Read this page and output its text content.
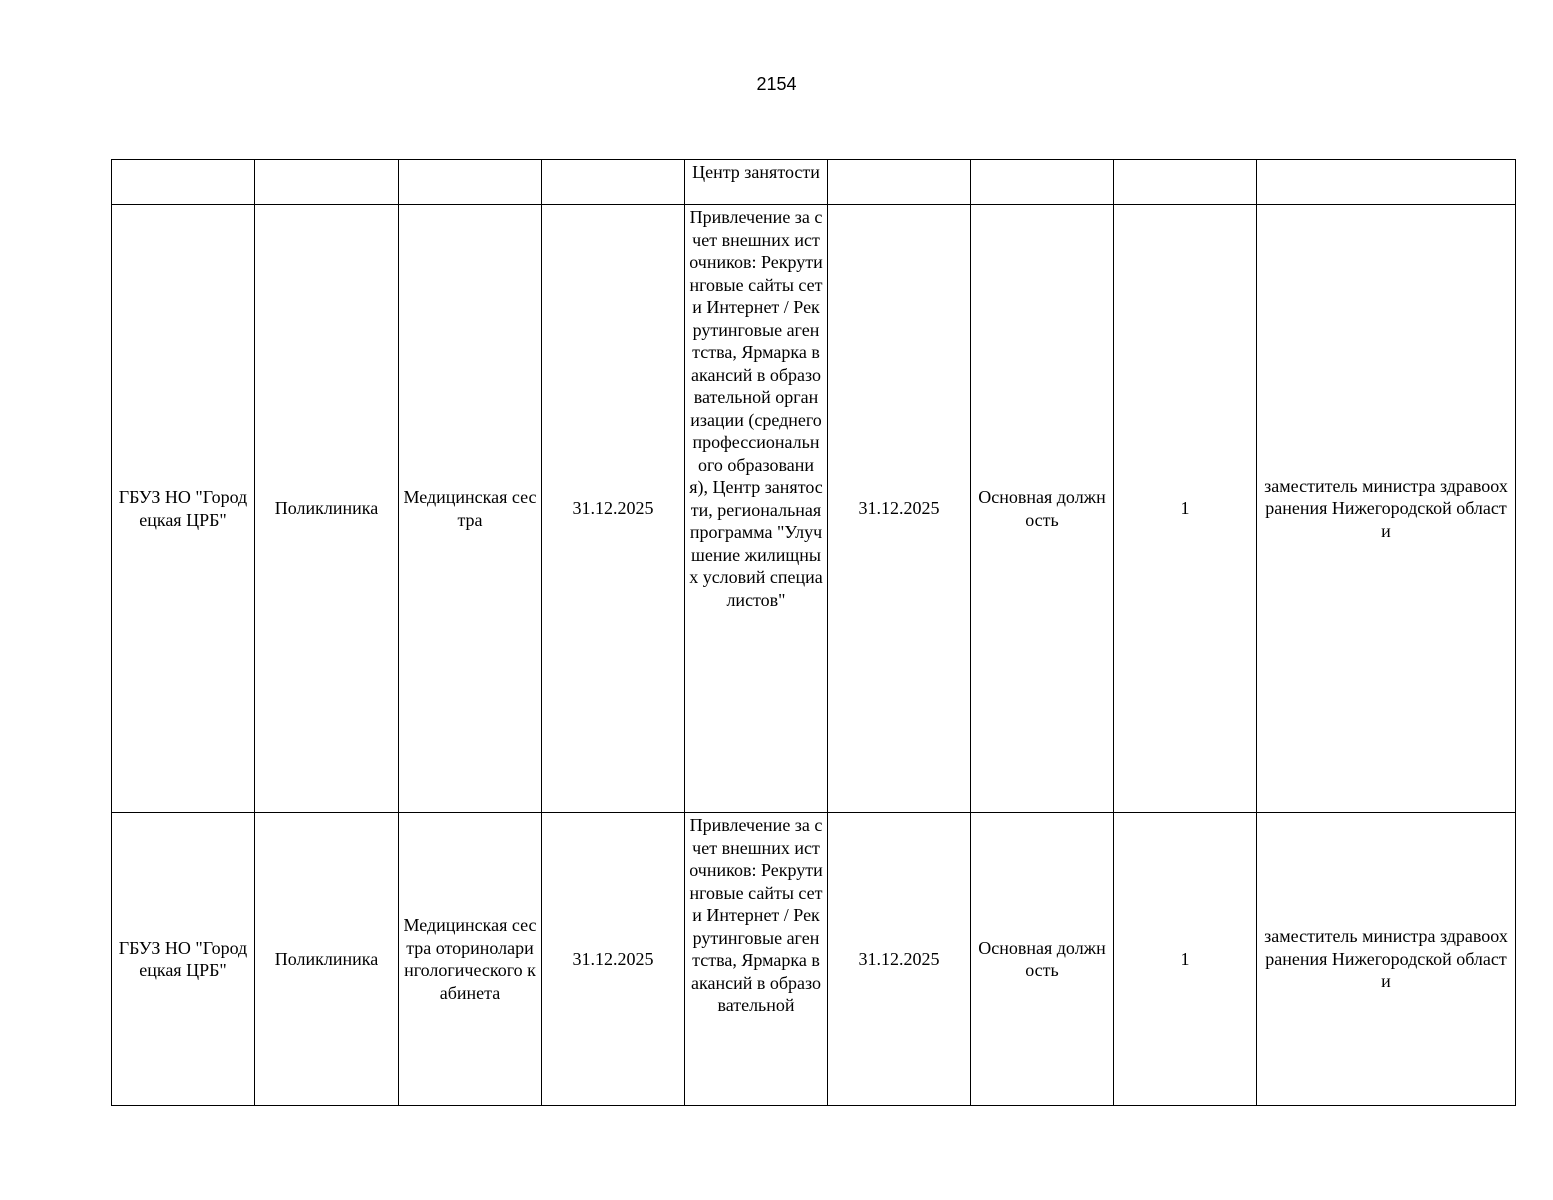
2154
				Центр занятости				
ГБУЗ НО "Городецкая ЦРБ"	Поликлиника	Медицинская сестра	31.12.2025	Привлечение за счет внешних источников: Рекрутинговые сайты сети Интернет / Рекрутинговые агентства, Ярмарка вакансий в образовательной организации (среднего профессионального образования), Центр занятости, региональная программа "Улучшение жилищных условий специалистов"	31.12.2025	Основная должность	1	заместитель министра здравоохранения Нижегородской области
ГБУЗ НО "Городецкая ЦРБ"	Поликлиника	Медицинская сестра оториноларингологического кабинета	31.12.2025	Привлечение за счет внешних источников: Рекрутинговые сайты сети Интернет / Рекрутинговые агентства, Ярмарка вакансий в образовательной	31.12.2025	Основная должность	1	заместитель министра здравоохранения Нижегородской области
